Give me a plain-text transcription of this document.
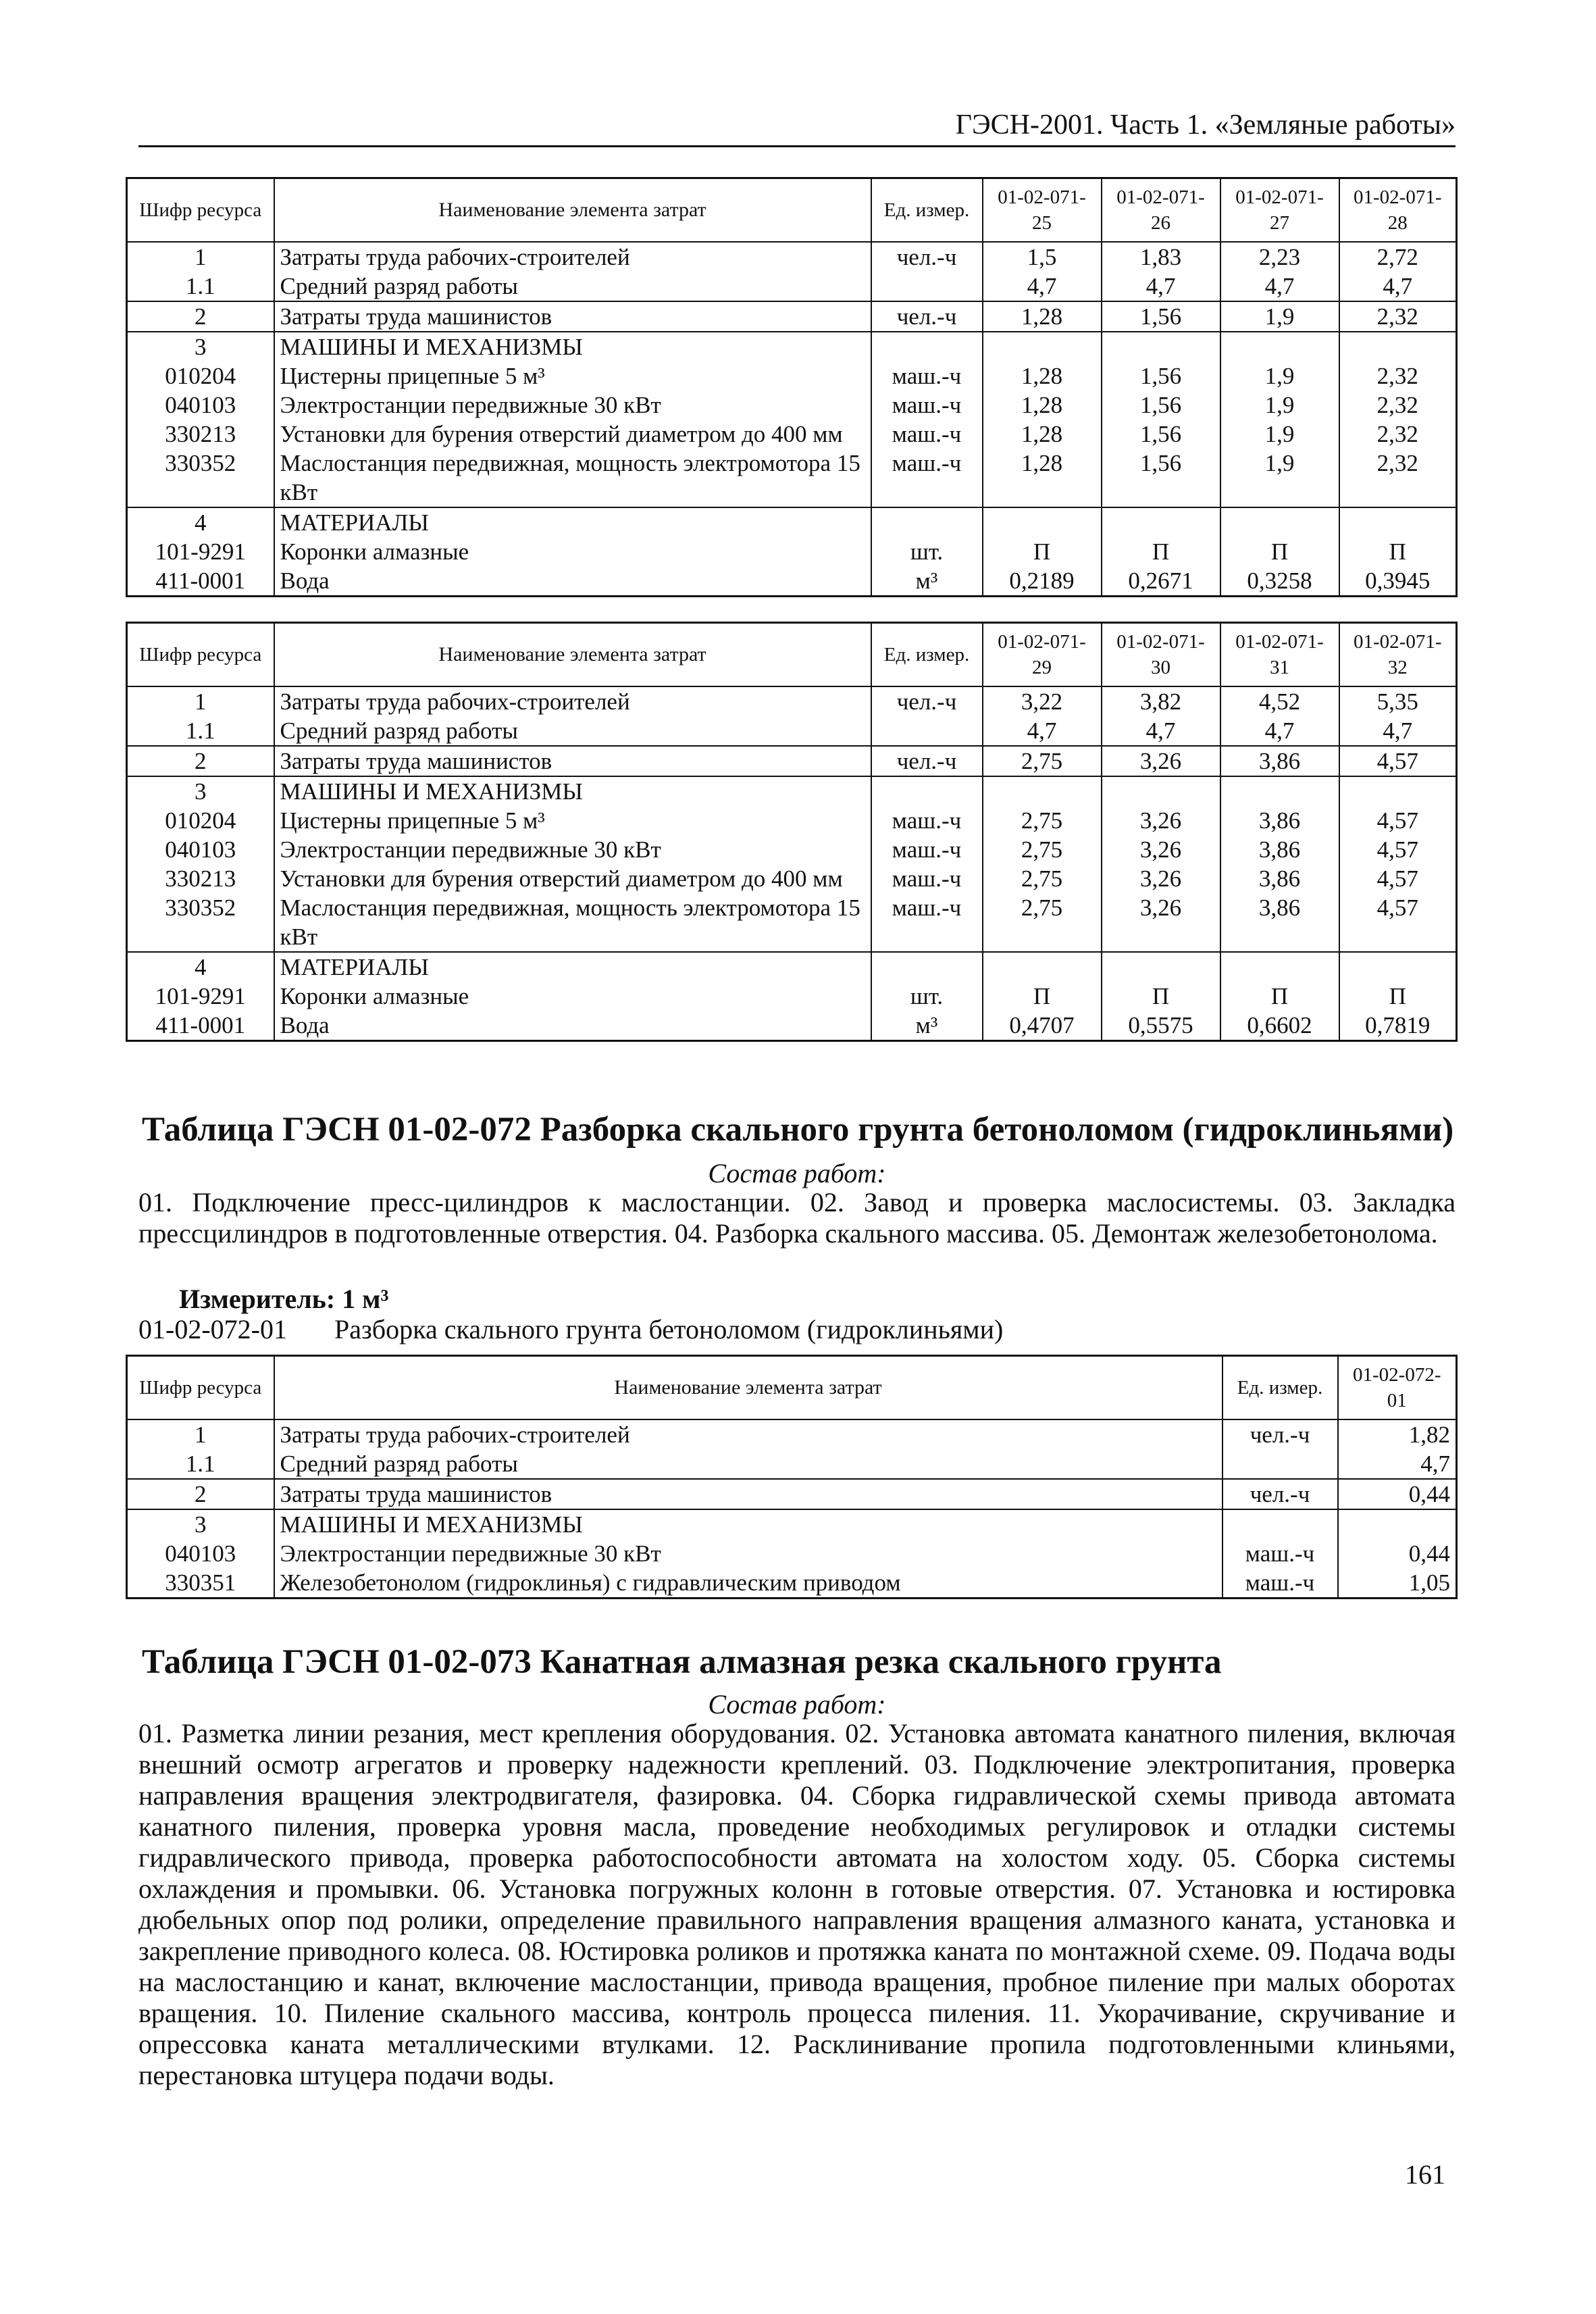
ГЭСН-2001. Часть 1. «Земляные работы»
Шифр ресурса	Наименование элемента затрат	Ед. измер.	01-02-071-25	01-02-071-26	01-02-071-27	01-02-071-28
1	Затраты труда рабочих-строителей	чел.-ч	1,5	1,83	2,23	2,72
1.1	Средний разряд работы		4,7	4,7	4,7	4,7
2	Затраты труда машинистов	чел.-ч	1,28	1,56	1,9	2,32
3	МАШИНЫ И МЕХАНИЗМЫ					
010204	Цистерны прицепные 5 м³	маш.-ч	1,28	1,56	1,9	2,32
040103	Электростанции передвижные 30 кВт	маш.-ч	1,28	1,56	1,9	2,32
330213	Установки для бурения отверстий диаметром до 400 мм	маш.-ч	1,28	1,56	1,9	2,32
330352	Маслостанция передвижная, мощность электромотора 15 кВт	маш.-ч	1,28	1,56	1,9	2,32
4	МАТЕРИАЛЫ					
101-9291	Коронки алмазные	шт.	П	П	П	П
411-0001	Вода	м³	0,2189	0,2671	0,3258	0,3945
Шифр ресурса	Наименование элемента затрат	Ед. измер.	01-02-071-29	01-02-071-30	01-02-071-31	01-02-071-32
1	Затраты труда рабочих-строителей	чел.-ч	3,22	3,82	4,52	5,35
1.1	Средний разряд работы		4,7	4,7	4,7	4,7
2	Затраты труда машинистов	чел.-ч	2,75	3,26	3,86	4,57
3	МАШИНЫ И МЕХАНИЗМЫ					
010204	Цистерны прицепные 5 м³	маш.-ч	2,75	3,26	3,86	4,57
040103	Электростанции передвижные 30 кВт	маш.-ч	2,75	3,26	3,86	4,57
330213	Установки для бурения отверстий диаметром до 400 мм	маш.-ч	2,75	3,26	3,86	4,57
330352	Маслостанция передвижная, мощность электромотора 15 кВт	маш.-ч	2,75	3,26	3,86	4,57
4	МАТЕРИАЛЫ					
101-9291	Коронки алмазные	шт.	П	П	П	П
411-0001	Вода	м³	0,4707	0,5575	0,6602	0,7819
Таблица ГЭСН 01-02-072 Разборка скального грунта бетоноломом (гидроклиньями)
Состав работ:
01. Подключение пресс-цилиндров к маслостанции. 02. Завод и проверка маслосистемы. 03. Закладка прессцилиндров в подготовленные отверстия. 04. Разборка скального массива. 05. Демонтаж железобетонолома.
Измеритель: 1 м³
01-02-072-01 Разборка скального грунта бетоноломом (гидроклиньями)
Шифр ресурса	Наименование элемента затрат	Ед. измер.	01-02-072-01
1	Затраты труда рабочих-строителей	чел.-ч	1,82
1.1	Средний разряд работы		4,7
2	Затраты труда машинистов	чел.-ч	0,44
3	МАШИНЫ И МЕХАНИЗМЫ		
040103	Электростанции передвижные 30 кВт	маш.-ч	0,44
330351	Железобетонолом (гидроклинья) с гидравлическим приводом	маш.-ч	1,05
Таблица ГЭСН 01-02-073 Канатная алмазная резка скального грунта
Состав работ:
01. Разметка линии резания, мест крепления оборудования. 02. Установка автомата канатного пиления, включая внешний осмотр агрегатов и проверку надежности креплений. 03. Подключение электропитания, проверка направления вращения электродвигателя, фазировка. 04. Сборка гидравлической схемы привода автомата канатного пиления, проверка уровня масла, проведение необходимых регулировок и отладки системы гидравлического привода, проверка работоспособности автомата на холостом ходу. 05. Сборка системы охлаждения и промывки. 06. Установка погружных колонн в готовые отверстия. 07. Установка и юстировка дюбельных опор под ролики, определение правильного направления вращения алмазного каната, установка и закрепление приводного колеса. 08. Юстировка роликов и протяжка каната по монтажной схеме. 09. Подача воды на маслостанцию и канат, включение маслостанции, привода вращения, пробное пиление при малых оборотах вращения. 10. Пиление скального массива, контроль процесса пиления. 11. Укорачивание, скручивание и опрессовка каната металлическими втулками. 12. Расклинивание пропила подготовленными клиньями, перестановка штуцера подачи воды.
161
